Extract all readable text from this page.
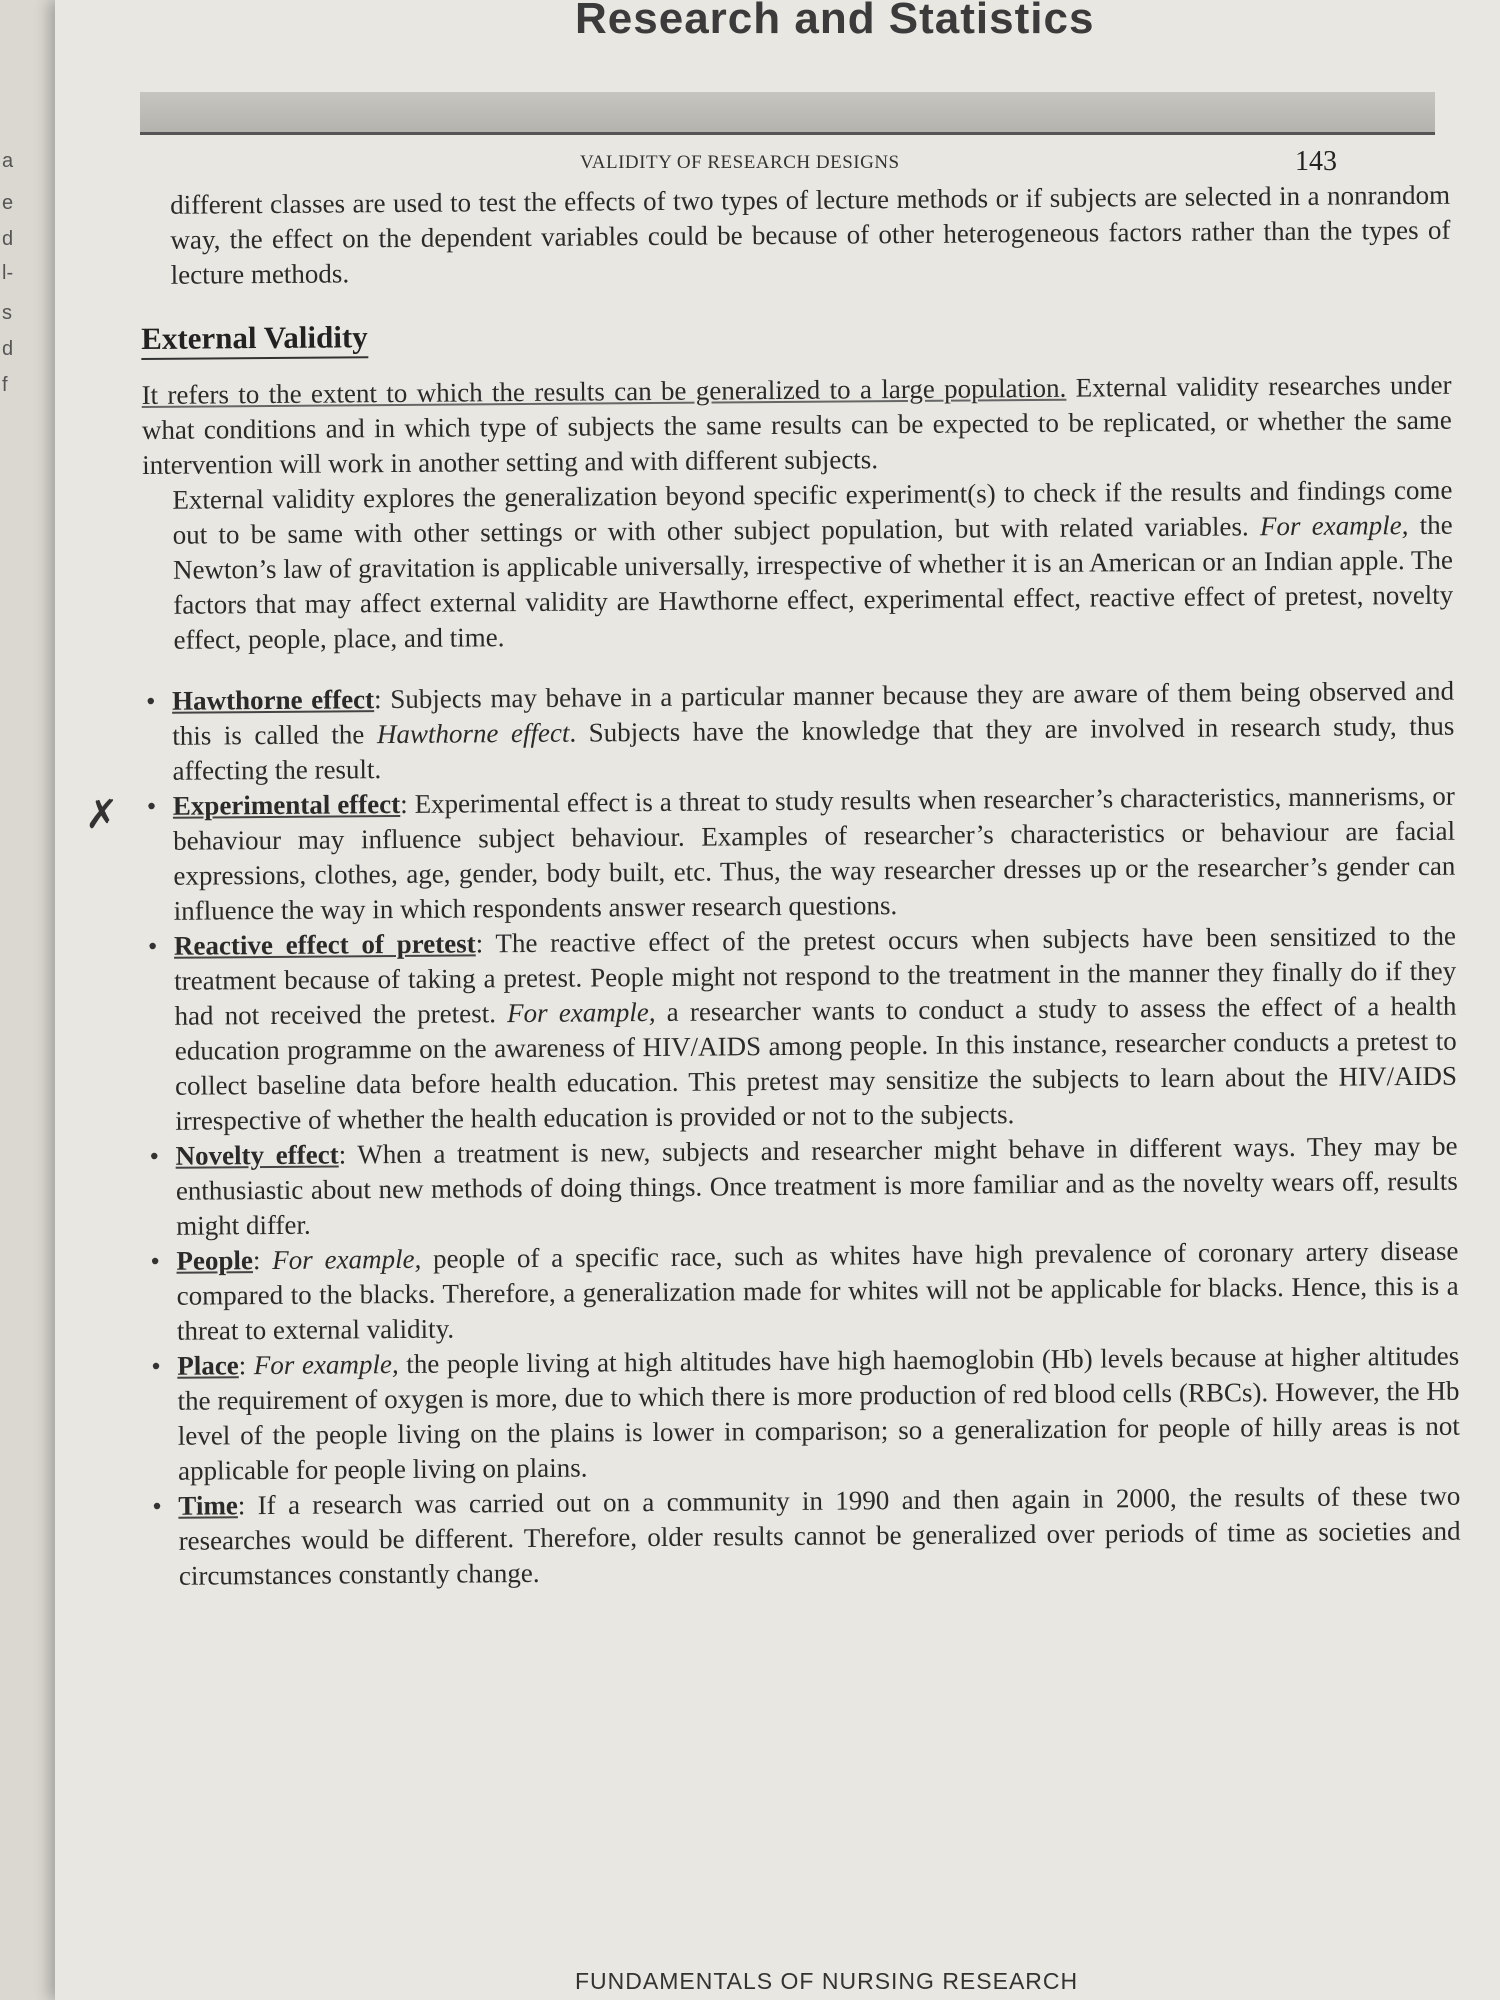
a
e
d
l-
s
d
f
Research and Statistics
VALIDITY OF RESEARCH DESIGNS	143
✗

different classes are used to test the effects of two types of lecture methods or if subjects are selected in a nonrandom way, the effect on the dependent variables could be because of other heterogeneous factors rather than the types of lecture methods.

External Validity

It refers to the extent to which the results can be generalized to a large population. External validity researches under what conditions and in which type of subjects the same results can be expected to be replicated, or whether the same intervention will work in another setting and with different subjects.

External validity explores the generalization beyond specific experiment(s) to check if the results and findings come out to be same with other settings or with other subject population, but with related variables. For example, the Newton’s law of gravitation is applicable universally, irrespective of whether it is an American or an Indian apple. The factors that may affect external validity are Hawthorne effect, experimental effect, reactive effect of pretest, novelty effect, people, place, and time.

• Hawthorne effect: Subjects may behave in a particular manner because they are aware of them being observed and this is called the Hawthorne effect. Subjects have the knowledge that they are involved in research study, thus affecting the result.
• Experimental effect: Experimental effect is a threat to study results when researcher’s characteristics, mannerisms, or behaviour may influence subject behaviour. Examples of researcher’s characteristics or behaviour are facial expressions, clothes, age, gender, body built, etc. Thus, the way researcher dresses up or the researcher’s gender can influence the way in which respondents answer research questions.
• Reactive effect of pretest: The reactive effect of the pretest occurs when subjects have been sensitized to the treatment because of taking a pretest. People might not respond to the treatment in the manner they finally do if they had not received the pretest. For example, a researcher wants to conduct a study to assess the effect of a health education programme on the awareness of HIV/AIDS among people. In this instance, researcher conducts a pretest to collect baseline data before health education. This pretest may sensitize the subjects to learn about the HIV/AIDS irrespective of whether the health education is provided or not to the subjects.
• Novelty effect: When a treatment is new, subjects and researcher might behave in different ways. They may be enthusiastic about new methods of doing things. Once treatment is more familiar and as the novelty wears off, results might differ.
• People: For example, people of a specific race, such as whites have high prevalence of coronary artery disease compared to the blacks. Therefore, a generalization made for whites will not be applicable for blacks. Hence, this is a threat to external validity.
• Place: For example, the people living at high altitudes have high haemoglobin (Hb) levels because at higher altitudes the requirement of oxygen is more, due to which there is more production of red blood cells (RBCs). However, the Hb level of the people living on the plains is lower in comparison; so a generalization for people of hilly areas is not applicable for people living on plains.
• Time: If a research was carried out on a community in 1990 and then again in 2000, the results of these two researches would be different. Therefore, older results cannot be generalized over periods of time as societies and circumstances constantly change.
FUNDAMENTALS OF NURSING RESEARCH
